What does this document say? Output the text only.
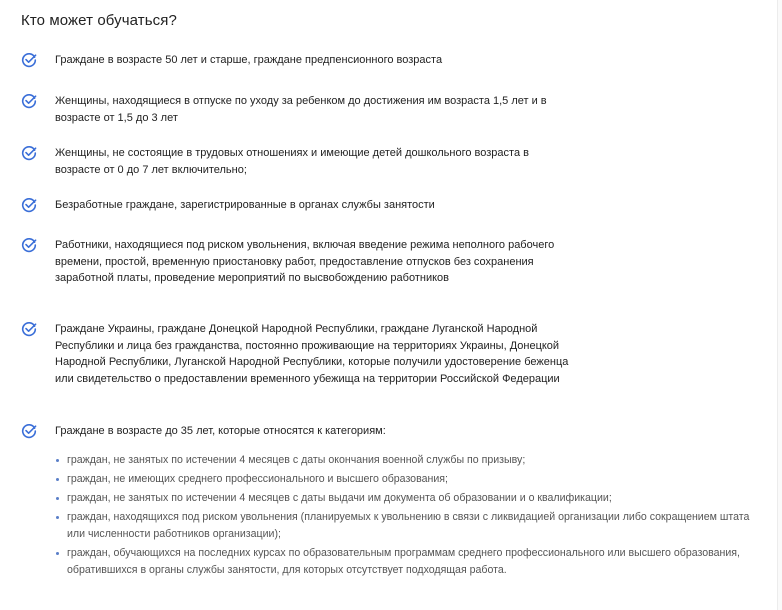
Кто может обучаться?
Граждане в возрасте 50 лет и старше, граждане предпенсионного возраста
Женщины, находящиеся в отпуске по уходу за ребенком до достижения им возраста 1,5 лет и в возрасте от 1,5 до 3 лет
Женщины, не состоящие в трудовых отношениях и имеющие детей дошкольного возраста в возрасте от 0 до 7 лет включительно;
Безработные граждане, зарегистрированные в органах службы занятости
Работники, находящиеся под риском увольнения, включая введение режима неполного рабочего времени, простой, временную приостановку работ, предоставление отпусков без сохранения заработной платы, проведение мероприятий по высвобождению работников
Граждане Украины, граждане Донецкой Народной Республики, граждане Луганской Народной Республики и лица без гражданства, постоянно проживающие на территориях Украины, Донецкой Народной Республики, Луганской Народной Республики, которые получили удостоверение беженца или свидетельство о предоставлении временного убежища на территории Российской Федерации
Граждане в возрасте до 35 лет, которые относятся к категориям:
граждан, не занятых по истечении 4 месяцев с даты окончания военной службы по призыву;
граждан, не имеющих среднего профессионального и высшего образования;
граждан, не занятых по истечении 4 месяцев с даты выдачи им документа об образовании и о квалификации;
граждан, находящихся под риском увольнения (планируемых к увольнению в связи с ликвидацией организации либо сокращением штата или численности работников организации);
граждан, обучающихся на последних курсах по образовательным программам среднего профессионального или высшего образования, обратившихся в органы службы занятости, для которых отсутствует подходящая работа.
